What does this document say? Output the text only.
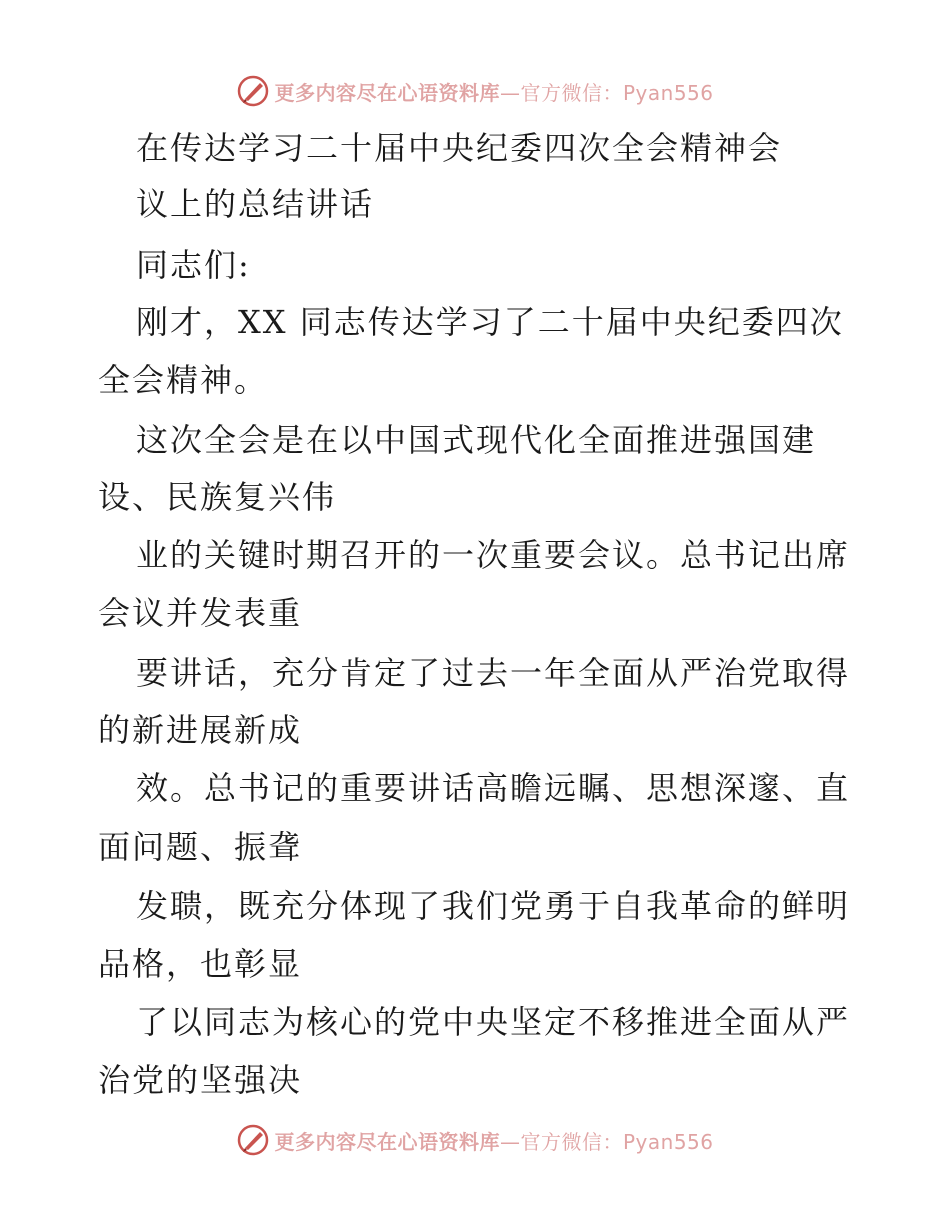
更多内容尽在心语资料库—官方微信：Pyan556
在传达学习二十届中央纪委四次全会精神会
议上的总结讲话
同志们:
刚才，XX 同志传达学习了二十届中央纪委四次
全会精神。
这次全会是在以中国式现代化全面推进强国建
设、民族复兴伟
业的关键时期召开的一次重要会议。总书记出席
会议并发表重
要讲话，充分肯定了过去一年全面从严治党取得
的新进展新成
效。总书记的重要讲话高瞻远瞩、思想深邃、直
面问题、振聋
发聩，既充分体现了我们党勇于自我革命的鲜明
品格，也彰显
了以同志为核心的党中央坚定不移推进全面从严
治党的坚强决
更多内容尽在心语资料库—官方微信：Pyan556
